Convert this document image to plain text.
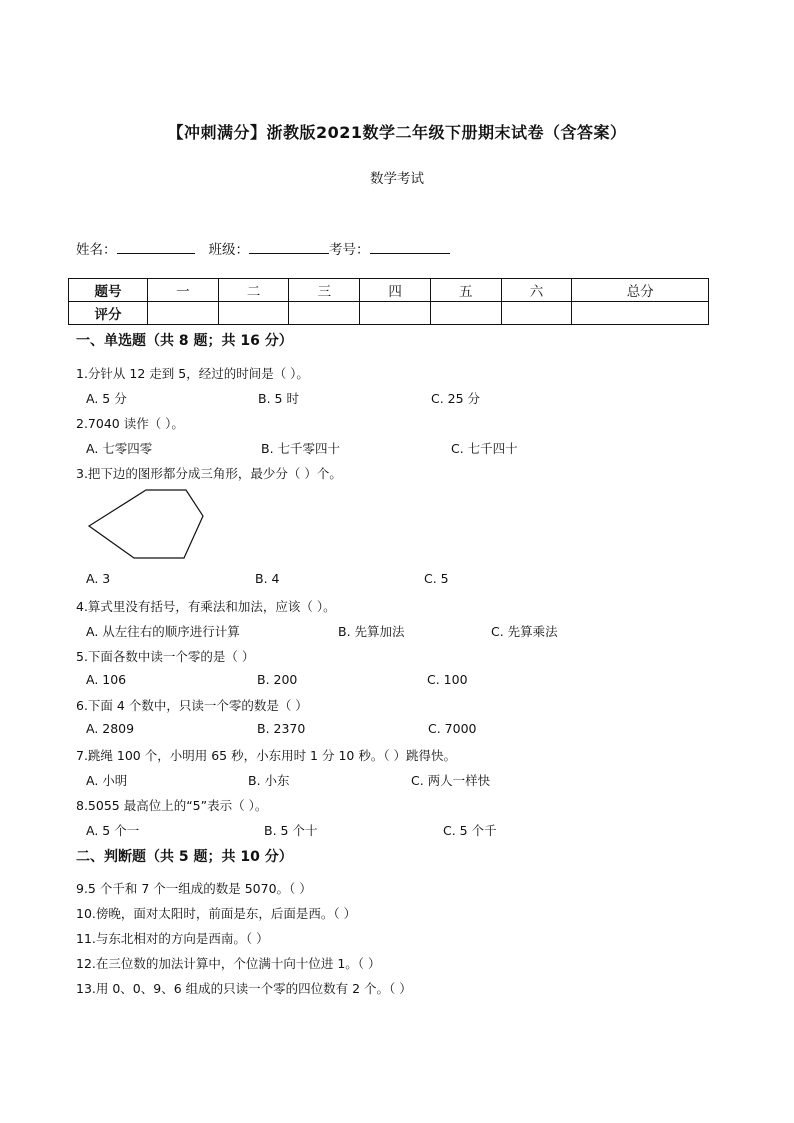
【冲刺满分】浙教版2021数学二年级下册期末试卷（含答案）
数学考试
姓名：	班级：	考号：
题号	一	二	三	四	五	六	总分
评分							
一、单选题（共 8 题；共 16 分）
1.分针从 12 走到 5，经过的时间是（ ）。
A. 5 分	B. 5 时	C. 25 分
2.7040 读作（ ）。
A. 七零四零	B. 七千零四十	C. 七千四十
3.把下边的图形都分成三角形，最少分（ ）个。
A. 3	B. 4	C. 5
4.算式里没有括号，有乘法和加法，应该（ ）。
A. 从左往右的顺序进行计算	B. 先算加法	C. 先算乘法
5.下面各数中读一个零的是（ ）
A. 106	B. 200	C. 100
6.下面 4 个数中，只读一个零的数是（ ）
A. 2809	B. 2370	C. 7000
7.跳绳 100 个，小明用 65 秒，小东用时 1 分 10 秒。（ ）跳得快。
A. 小明	B. 小东	C. 两人一样快
8.5055 最高位上的“5”表示（ ）。
A. 5 个一	B. 5 个十	C. 5 个千
二、判断题（共 5 题；共 10 分）
9.5 个千和 7 个一组成的数是 5070。（ ）
10.傍晚，面对太阳时，前面是东，后面是西。（ ）
11.与东北相对的方向是西南。（ ）
12.在三位数的加法计算中，个位满十向十位进 1。（ ）
13.用 0、0、9、6 组成的只读一个零的四位数有 2 个。（ ）
